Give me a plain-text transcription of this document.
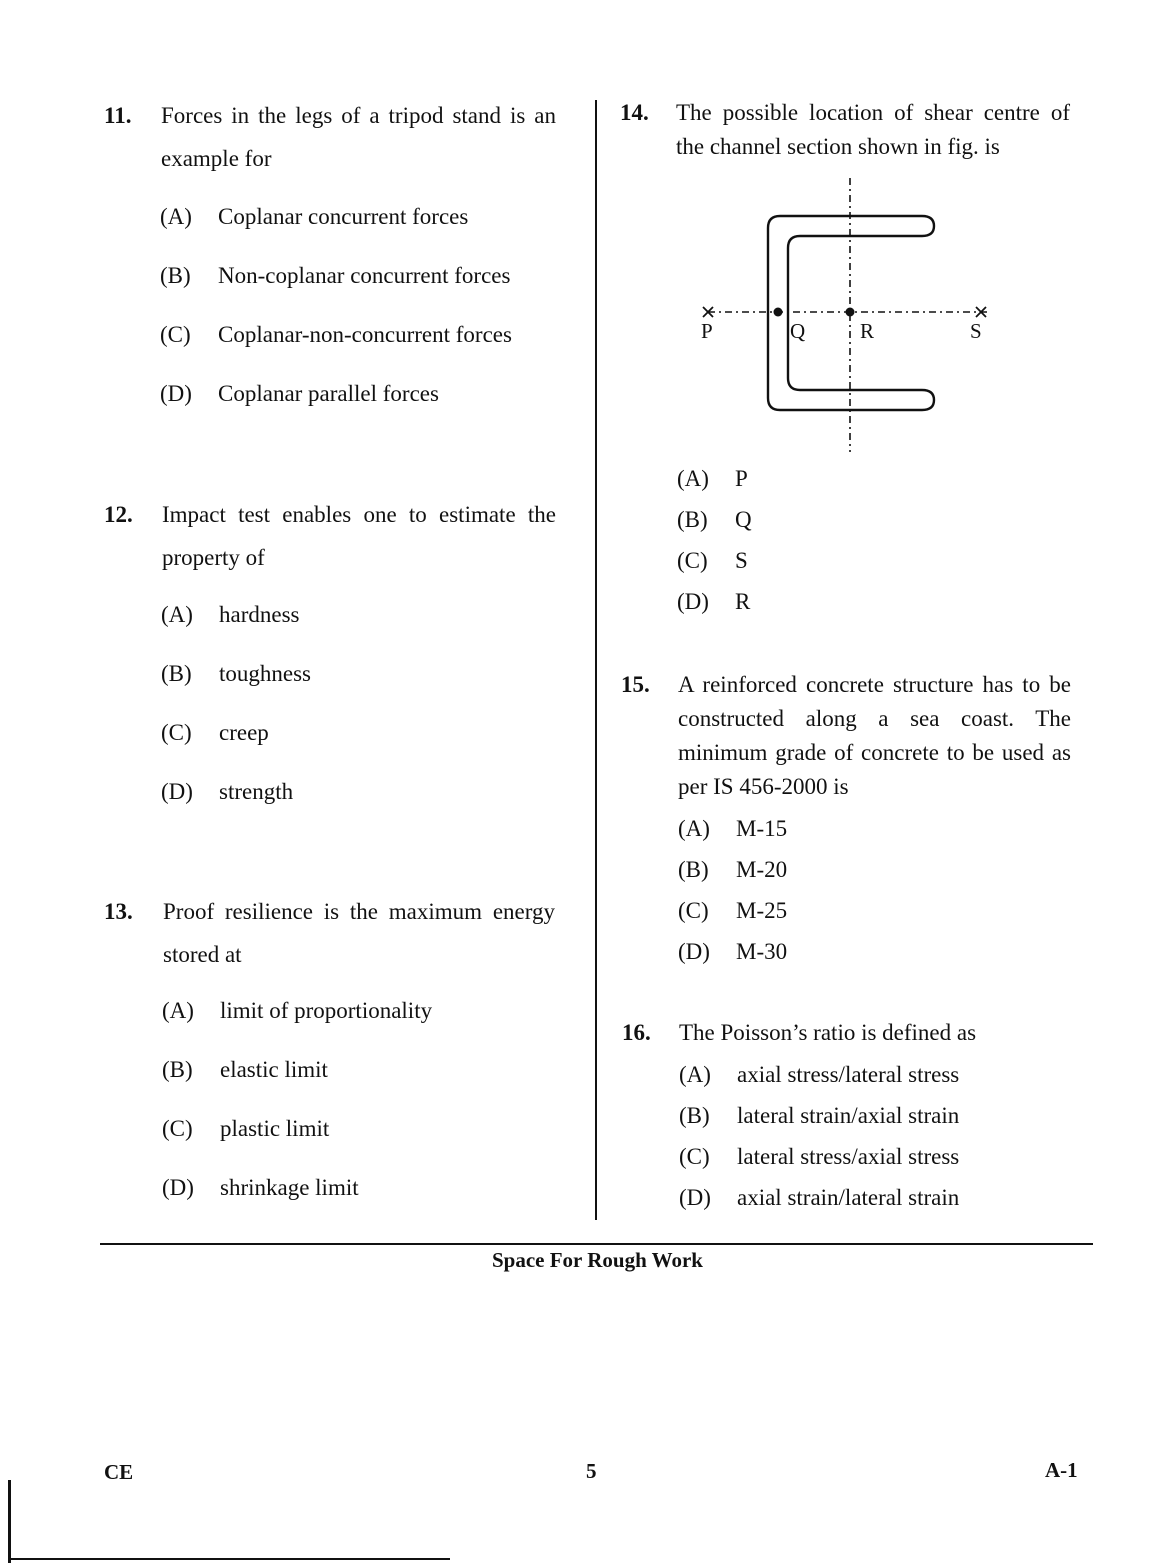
11. Forces in the legs of a tripod stand is an example for
(A) Coplanar concurrent forces
(B) Non-coplanar concurrent forces
(C) Coplanar-non-concurrent forces
(D) Coplanar parallel forces
12. Impact test enables one to estimate the property of
(A) hardness
(B) toughness
(C) creep
(D) strength
13. Proof resilience is the maximum energy stored at
(A) limit of proportionality
(B) elastic limit
(C) plastic limit
(D) shrinkage limit
14. The possible location of shear centre of the channel section shown in fig. is
P	Q	R	S
(A) P
(B) Q
(C) S
(D) R
15. A reinforced concrete structure has to be constructed along a sea coast. The minimum grade of concrete to be used as per IS 456-2000 is
(A) M-15
(B) M-20
(C) M-25
(D) M-30
16. The Poisson’s ratio is defined as
(A) axial stress/lateral stress
(B) lateral strain/axial strain
(C) lateral stress/axial stress
(D) axial strain/lateral strain
Space For Rough Work
CE	5	A-1
